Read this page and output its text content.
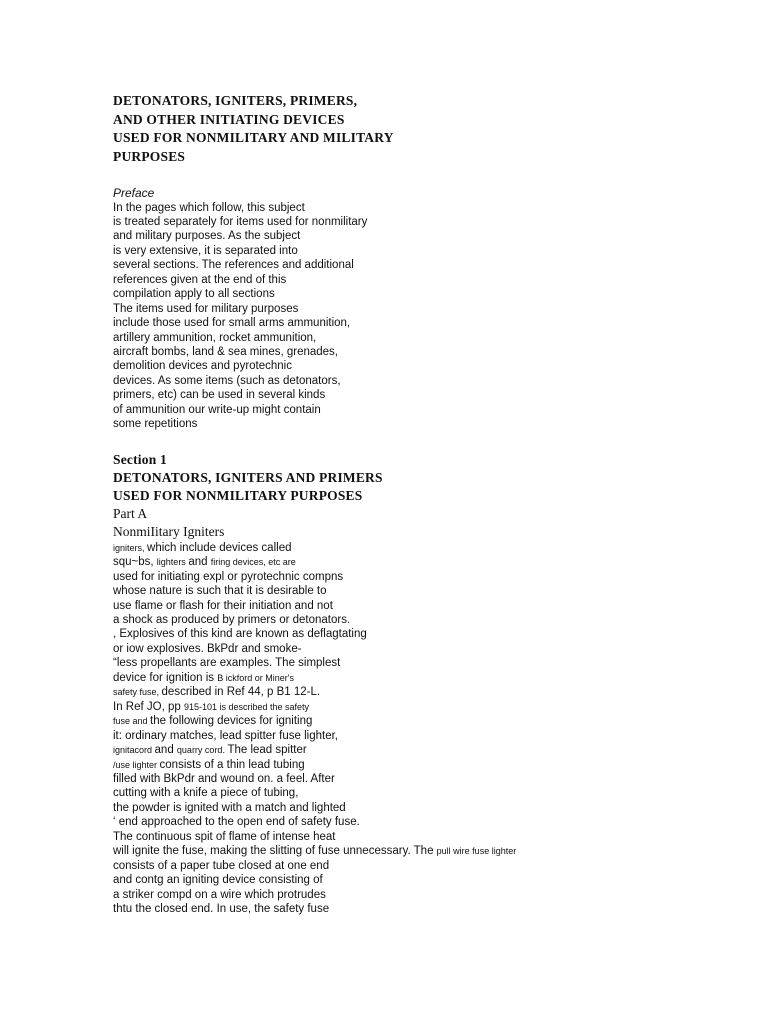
DETONATORS, IGNITERS, PRIMERS,
AND OTHER INITIATING DEVICES
USED FOR NONMILITARY AND MILITARY
PURPOSES
Preface
In the pages which follow, this subject
is treated separately for items used for nonmilitary
and military purposes. As the subject
is very extensive, it is separated into
several sections. The references and additional
references given at the end of this
compilation apply to all sections
The items used for military purposes
include those used for small arms ammunition,
artillery ammunition, rocket ammunition,
aircraft bombs, land & sea mines, grenades,
demolition devices and pyrotechnic
devices. As some items (such as detonators,
primers, etc) can be used in several kinds
of ammunition our write-up might contain
some repetitions
Section 1
DETONATORS, IGNITERS AND PRIMERS
USED FOR NONMILITARY PURPOSES
Part A
NonmiIitary Igniters
igniters, which include devices called
squ~bs, lighters and firing devices, etc are
used for initiating expl or pyrotechnic compns
whose nature is such that it is desirable to
use flame or flash for their initiation and not
a shock as produced by primers or detonators.
, Explosives of this kind are known as deflagtating
or iow explosives. BkPdr and smoke-
“less propellants are examples. The simplest
device for ignition is B ickford or Miner's
safety fuse, described in Ref 44, p B1 12-L.
In Ref JO, pp 915-101 is described the safety
fuse and the following devices for igniting
it: ordinary matches, lead spitter fuse lighter,
ignitacord and quarry cord. The lead spitter
/use lighter consists of a thin lead tubing
filled with BkPdr and wound on. a feel. After
cutting with a knife a piece of tubing,
the powder is ignited with a match and lighted
‘ end approached to the open end of safety fuse.
The continuous spit of flame of intense heat
will ignite the fuse, making the slitting of fuse unnecessary. The pull wire fuse lighter
consists of a paper tube closed at one end
and contg an igniting device consisting of
a striker compd on a wire which protrudes
thtu the closed end. In use, the safety fuse
